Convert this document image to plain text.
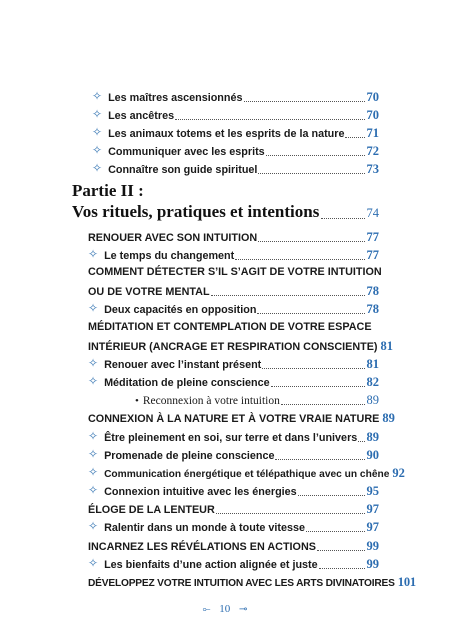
✧ Les maîtres ascensionnés	70
✧ Les ancêtres	70
✧ Les animaux totems et les esprits de la nature 71
✧ Communiquer avec les esprits	72
✧ Connaître son guide spirituel	73
Partie II :
Vos rituels, pratiques et intentions	74
RENOUER AVEC SON INTUITION	77
✧ Le temps du changement	77
COMMENT DÉTECTER S’IL S’AGIT DE VOTRE INTUITION
OU DE VOTRE MENTAL	78
✧ Deux capacités en opposition	78
MÉDITATION ET CONTEMPLATION DE VOTRE ESPACE
INTÉRIEUR (ANCRAGE ET RESPIRATION CONSCIENTE) 81
✧ Renouer avec l’instant présent	81
✧ Méditation de pleine conscience	82
• Reconnexion à votre intuition	89
CONNEXION À LA NATURE ET À VOTRE VRAIE NATURE 89
✧ Être pleinement en soi, sur terre et dans l’univers 89
✧ Promenade de pleine conscience	90
✧ Communication énergétique et télépathique avec un chêne 92
✧ Connexion intuitive avec les énergies	95
ÉLOGE DE LA LENTEUR	97
✧ Ralentir dans un monde à toute vitesse	97
INCARNEZ LES RÉVÉLATIONS EN ACTIONS	99
✧ Les bienfaits d’une action alignée et juste	99
DÉVELOPPEZ VOTRE INTUITION AVEC LES ARTS DIVINATOIRES 101
⟜ 10 ⊸
